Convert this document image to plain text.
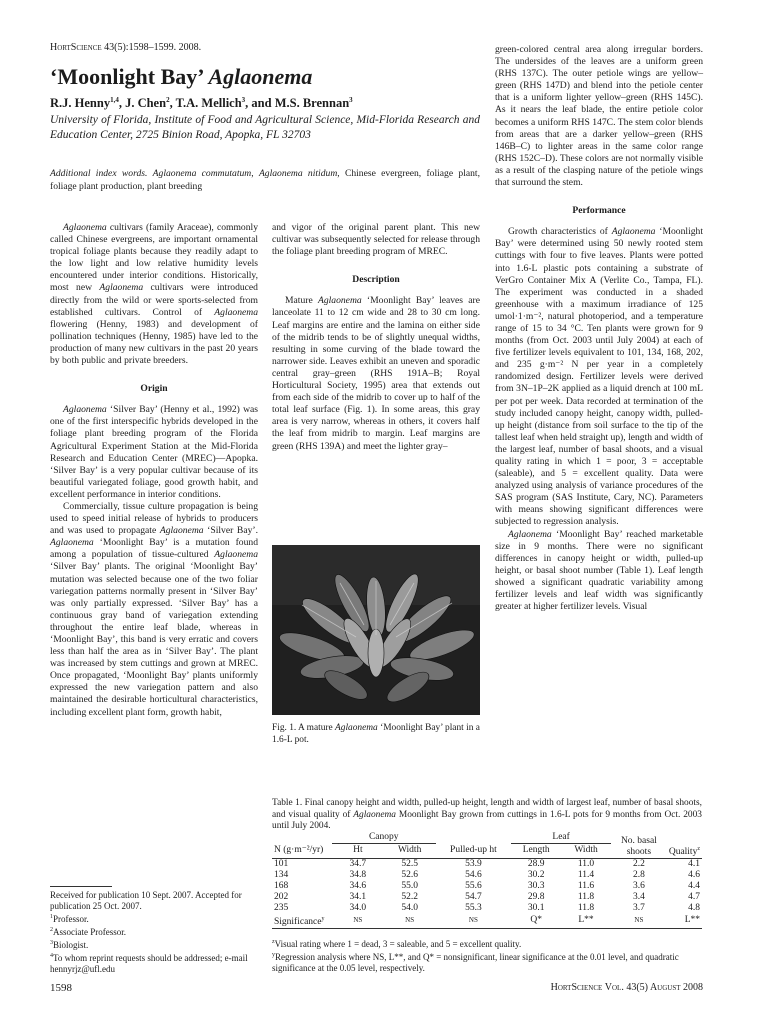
HortScience 43(5):1598–1599. 2008.
‘Moonlight Bay’ Aglaonema
R.J. Henny$^{1,4}$, J. Chen$^2$, T.A. Mellich$^3$, and M.S. Brennan$^3$
University of Florida, Institute of Food and Agricultural Science, Mid-Florida Research and Education Center, 2725 Binion Road, Apopka, FL 32703
Additional index words. Aglaonema commutatum, Aglaonema nitidum, Chinese evergreen, foliage plant, foliage plant production, plant breeding

Aglaonema cultivars (family Araceae), commonly called Chinese evergreens, are important ornamental tropical foliage plants because they readily adapt to the low light and low relative humidity levels encountered under interior conditions. Historically, most new Aglaonema cultivars were introduced directly from the wild or were sports-selected from established cultivars. Control of Aglaonema flowering (Henny, 1983) and development of pollination techniques (Henny, 1985) have led to the production of many new cultivars in the past 20 years by both public and private breeders.

Origin

Aglaonema ‘Silver Bay’ (Henny et al., 1992) was one of the first interspecific hybrids developed in the foliage plant breeding program of the Florida Agricultural Experiment Station at the Mid-Florida Research and Education Center (MREC)—Apopka. ‘Silver Bay’ is a very popular cultivar because of its beautiful variegated foliage, good growth habit, and excellent performance in interior conditions.

Commercially, tissue culture propagation is being used to speed initial release of hybrids to producers and was used to propagate Aglaonema ‘Silver Bay’. Aglaonema ‘Moonlight Bay’ is a mutation found among a population of tissue-cultured Aglaonema ‘Silver Bay’ plants. The original ‘Moonlight Bay’ mutation was selected because one of the two foliar variegation patterns normally present in ‘Silver Bay’ was only partially expressed. ‘Silver Bay’ has a continuous gray band of variegation extending throughout the entire leaf blade, whereas in ‘Moonlight Bay’, this band is very erratic and covers less than half the area as in ‘Silver Bay’. The plant was increased by stem cuttings and grown at MREC. Once propagated, ‘Moonlight Bay’ plants uniformly expressed the new variegation pattern and also maintained the desirable horticultural characteristics, including excellent plant form, growth habit,

Received for publication 10 Sept. 2007. Accepted for publication 25 Oct. 2007.
$^1$Professor.
$^2$Associate Professor.
$^3$Biologist.
$^4$To whom reprint requests should be addressed; e-mail hennyrjz@ufl.edu

and vigor of the original parent plant. This new cultivar was subsequently selected for release through the foliage plant breeding program of MREC.

Description

Mature Aglaonema ‘Moonlight Bay’ leaves are lanceolate 11 to 12 cm wide and 28 to 30 cm long. Leaf margins are entire and the lamina on either side of the midrib tends to be of slightly unequal widths, resulting in some curving of the blade toward the narrower side. Leaves exhibit an uneven and sporadic central gray–green (RHS 191A–B; Royal Horticultural Society, 1995) area that extends out from each side of the midrib to cover up to half of the total leaf surface (Fig. 1). In some areas, this gray area is very narrow, whereas in others, it covers half the leaf from midrib to margin. Leaf margins are green (RHS 139A) and meet the lighter gray–

Fig. 1. A mature Aglaonema ‘Moonlight Bay’ plant in a 1.6-L pot.

green-colored central area along irregular borders. The undersides of the leaves are a uniform green (RHS 137C). The outer petiole wings are yellow–green (RHS 147D) and blend into the petiole center that is a uniform lighter yellow–green (RHS 145C). As it nears the leaf blade, the entire petiole color becomes a uniform RHS 147C. The stem color blends from areas that are a darker yellow–green (RHS 146B–C) to lighter areas in the same color range (RHS 152C–D). These colors are not normally visible as a result of the clasping nature of the petiole wings that surround the stem.

Performance

Growth characteristics of Aglaonema ‘Moonlight Bay’ were determined using 50 newly rooted stem cuttings with four to five leaves. Plants were potted into 1.6-L plastic pots containing a substrate of VerGro Container Mix A (Verlite Co., Tampa, FL). The experiment was conducted in a shaded greenhouse with a maximum irradiance of 125 umol·1·m⁻², natural photoperiod, and a temperature range of 15 to 34 °C. Ten plants were grown for 9 months (from Oct. 2003 until July 2004) at each of five fertilizer levels equivalent to 101, 134, 168, 202, and 235 g·m⁻² N per year in a completely randomized design. Fertilizer levels were derived from 3N–1P–2K applied as a liquid drench at 100 mL per pot per week. Data recorded at termination of the study included canopy height, canopy width, pulled-up height (distance from soil surface to the tip of the tallest leaf when held straight up), length and width of the largest leaf, number of basal shoots, and a visual quality rating in which 1 = poor, 3 = acceptable (saleable), and 5 = excellent quality. Data were analyzed using analysis of variance procedures of the SAS program (SAS Institute, Cary, NC). Parameters with means showing significant differences were subjected to regression analysis.

Aglaonema ‘Moonlight Bay’ reached marketable size in 9 months. There were no significant differences in canopy height or width, pulled-up height, or basal shoot number (Table 1). Leaf length showed a significant quadratic variability among fertilizer levels and leaf width was significantly greater at higher fertilizer levels. Visual

Table 1. Final canopy height and width, pulled-up height, length and width of largest leaf, number of basal shoots, and visual quality of Aglaonema Moonlight Bay grown from cuttings in 1.6-L pots for 9 months from Oct. 2003 until July 2004.
	Canopy			Leaf		No. basal shoots	
N (g·m⁻²/yr)	Ht	Width	Pulled-up ht	Length	Width		Quality$^z$
101	34.7	52.5	53.9	28.9	11.0	2.2	4.1
134	34.8	52.6	54.6	30.2	11.4	2.8	4.6
168	34.6	55.0	55.6	30.3	11.6	3.6	4.4
202	34.1	52.2	54.7	29.8	11.8	3.4	4.7
235	34.0	54.0	55.3	30.1	11.8	3.7	4.8
Significance$^y$	NS	NS	NS	Q*	L**	NS	L**
$^z$Visual rating where 1 = dead, 3 = saleable, and 5 = excellent quality.
$^y$Regression analysis where NS, L**, and Q* = nonsignificant, linear significance at the 0.01 level, and quadratic significance at the 0.05 level, respectively.
1598	HortScience Vol. 43(5) August 2008
